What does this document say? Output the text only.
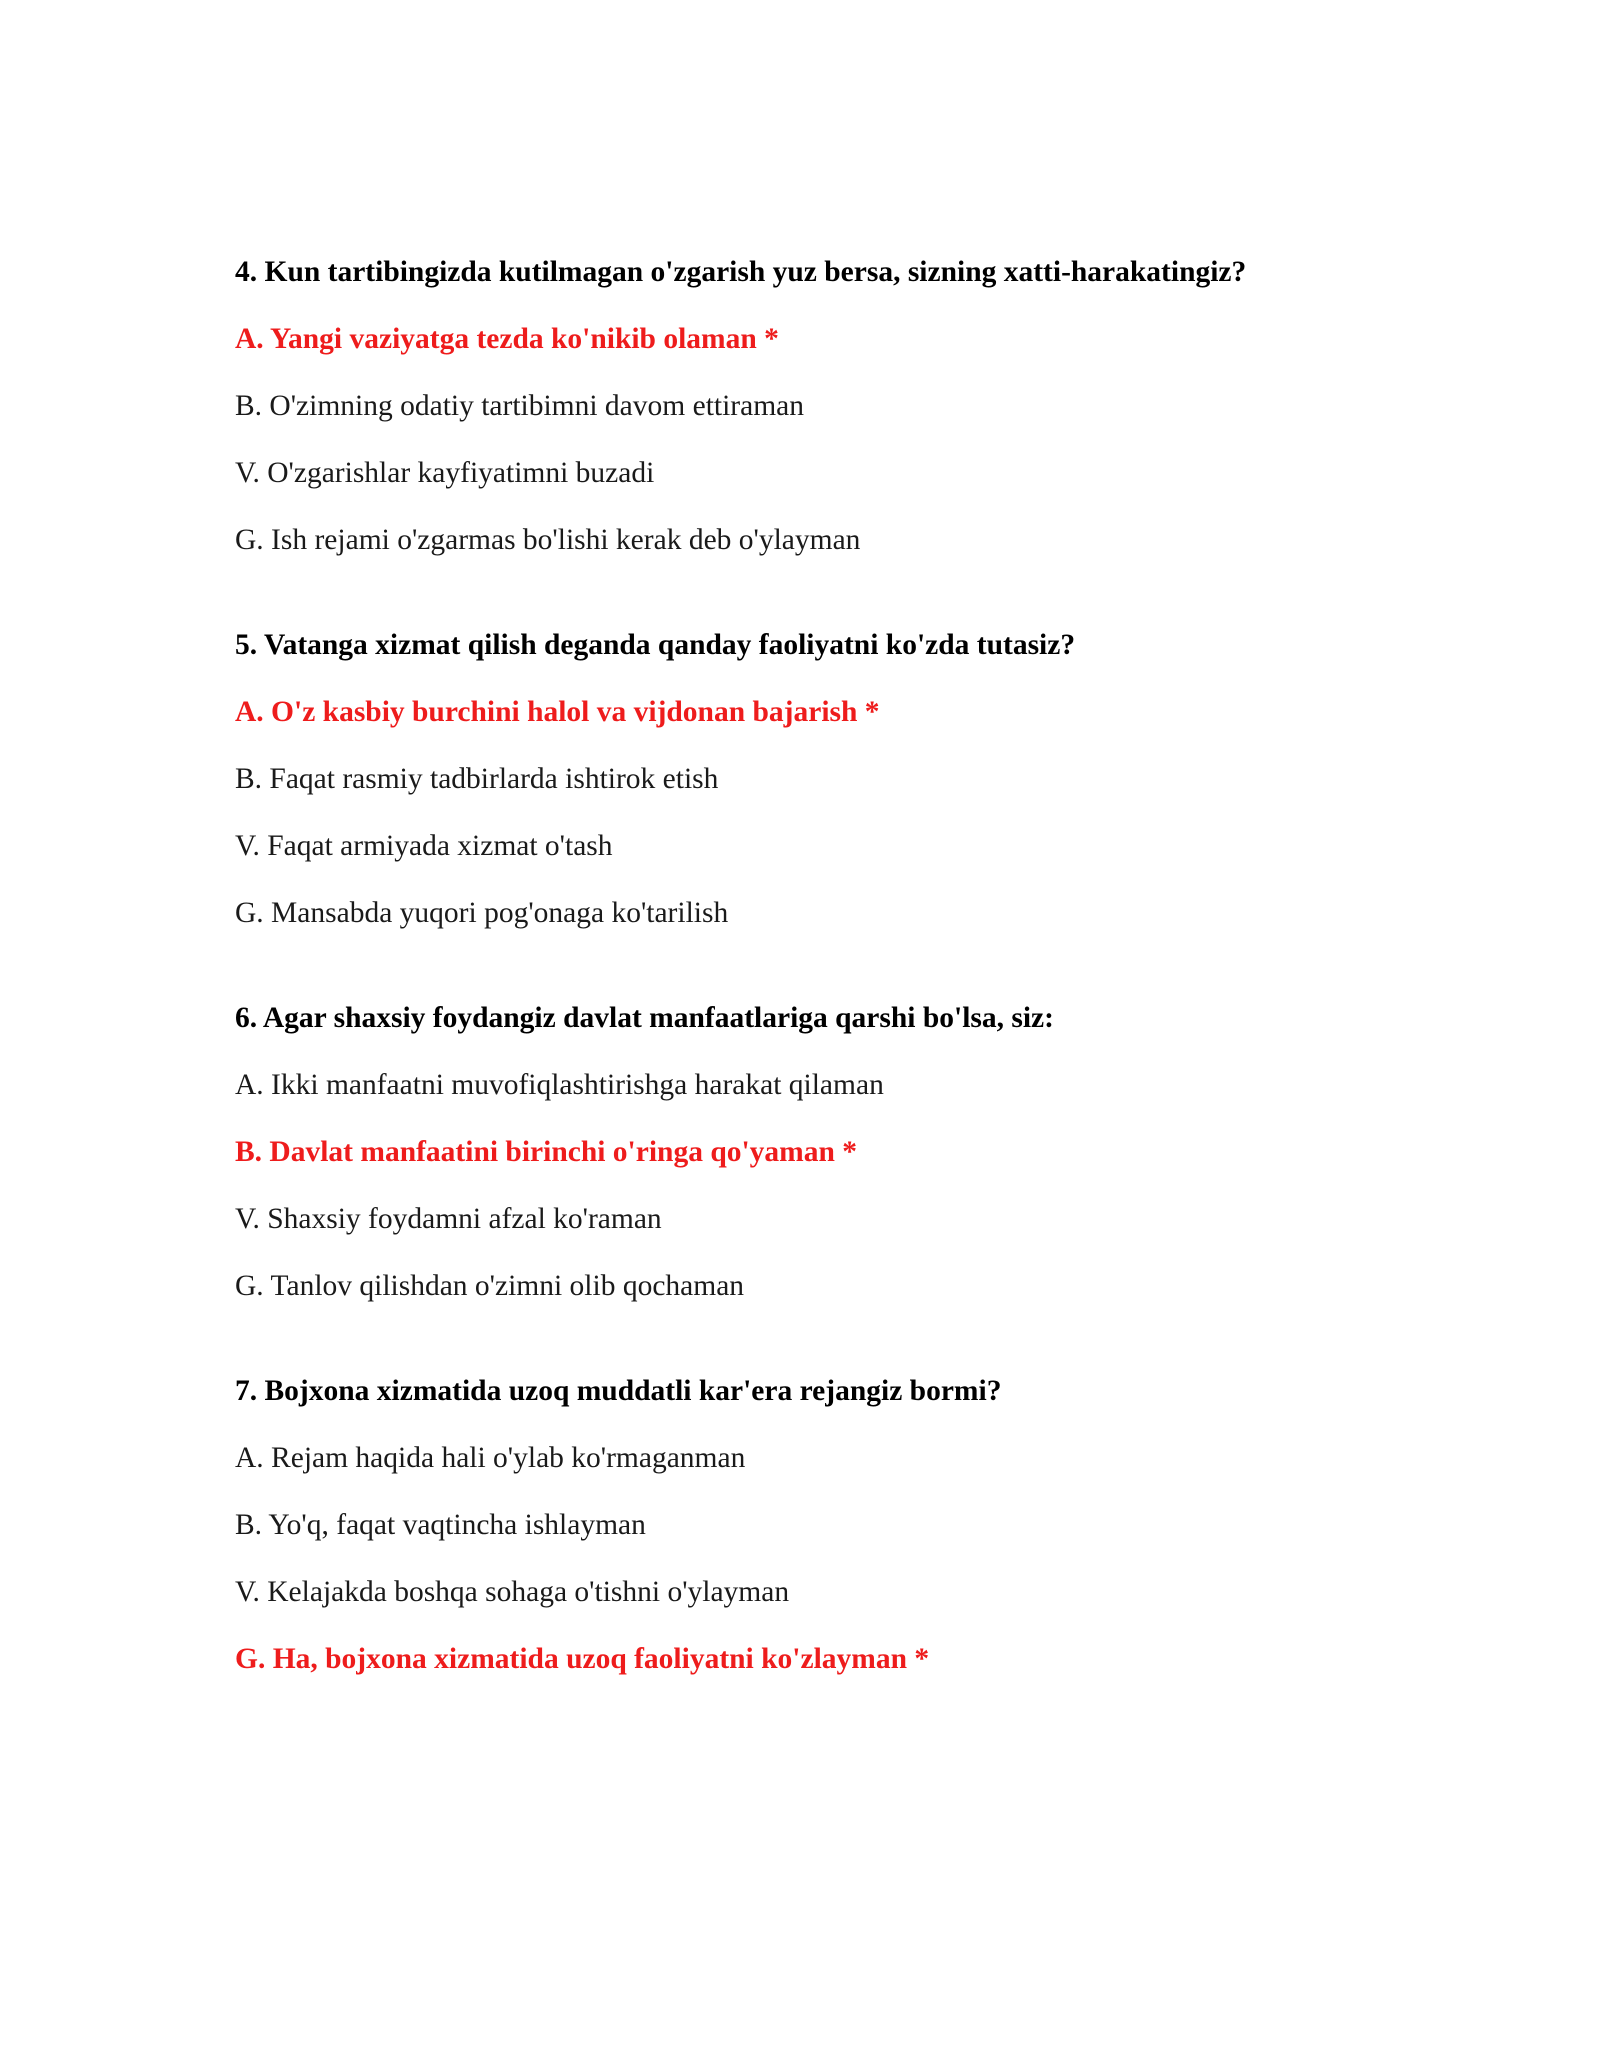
4. Kun tartibingizda kutilmagan o'zgarish yuz bersa, sizning xatti-harakatingiz?
A. Yangi vaziyatga tezda ko'nikib olaman *
B. O'zimning odatiy tartibimni davom ettiraman
V. O'zgarishlar kayfiyatimni buzadi
G. Ish rejami o'zgarmas bo'lishi kerak deb o'ylayman
5. Vatanga xizmat qilish deganda qanday faoliyatni ko'zda tutasiz?
A. O'z kasbiy burchini halol va vijdonan bajarish *
B. Faqat rasmiy tadbirlarda ishtirok etish
V. Faqat armiyada xizmat o'tash
G. Mansabda yuqori pog'onaga ko'tarilish
6. Agar shaxsiy foydangiz davlat manfaatlariga qarshi bo'lsa, siz:
A. Ikki manfaatni muvofiqlashtirishga harakat qilaman
B. Davlat manfaatini birinchi o'ringa qo'yaman *
V. Shaxsiy foydamni afzal ko'raman
G. Tanlov qilishdan o'zimni olib qochaman
7. Bojxona xizmatida uzoq muddatli kar'era rejangiz bormi?
A. Rejam haqida hali o'ylab ko'rmaganman
B. Yo'q, faqat vaqtincha ishlayman
V. Kelajakda boshqa sohaga o'tishni o'ylayman
G. Ha, bojxona xizmatida uzoq faoliyatni ko'zlayman *
